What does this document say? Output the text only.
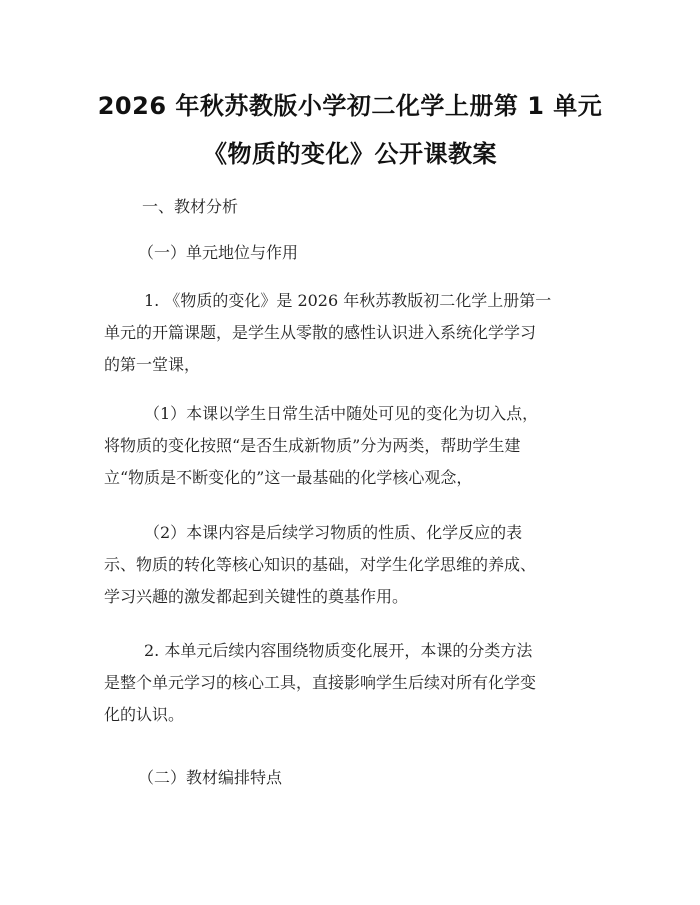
2026 年秋苏教版小学初二化学上册第 1 单元
《物质的变化》公开课教案
一、教材分析
（一）单元地位与作用
1. 《物质的变化》是 2026 年秋苏教版初二化学上册第一
单元的开篇课题，是学生从零散的感性认识进入系统化学学习
的第一堂课，
（1）本课以学生日常生活中随处可见的变化为切入点，
将物质的变化按照“是否生成新物质”分为两类，帮助学生建
立“物质是不断变化的”这一最基础的化学核心观念，
（2）本课内容是后续学习物质的性质、化学反应的表
示、物质的转化等核心知识的基础，对学生化学思维的养成、
学习兴趣的激发都起到关键性的奠基作用。
2. 本单元后续内容围绕物质变化展开，本课的分类方法
是整个单元学习的核心工具，直接影响学生后续对所有化学变
化的认识。
（二）教材编排特点
